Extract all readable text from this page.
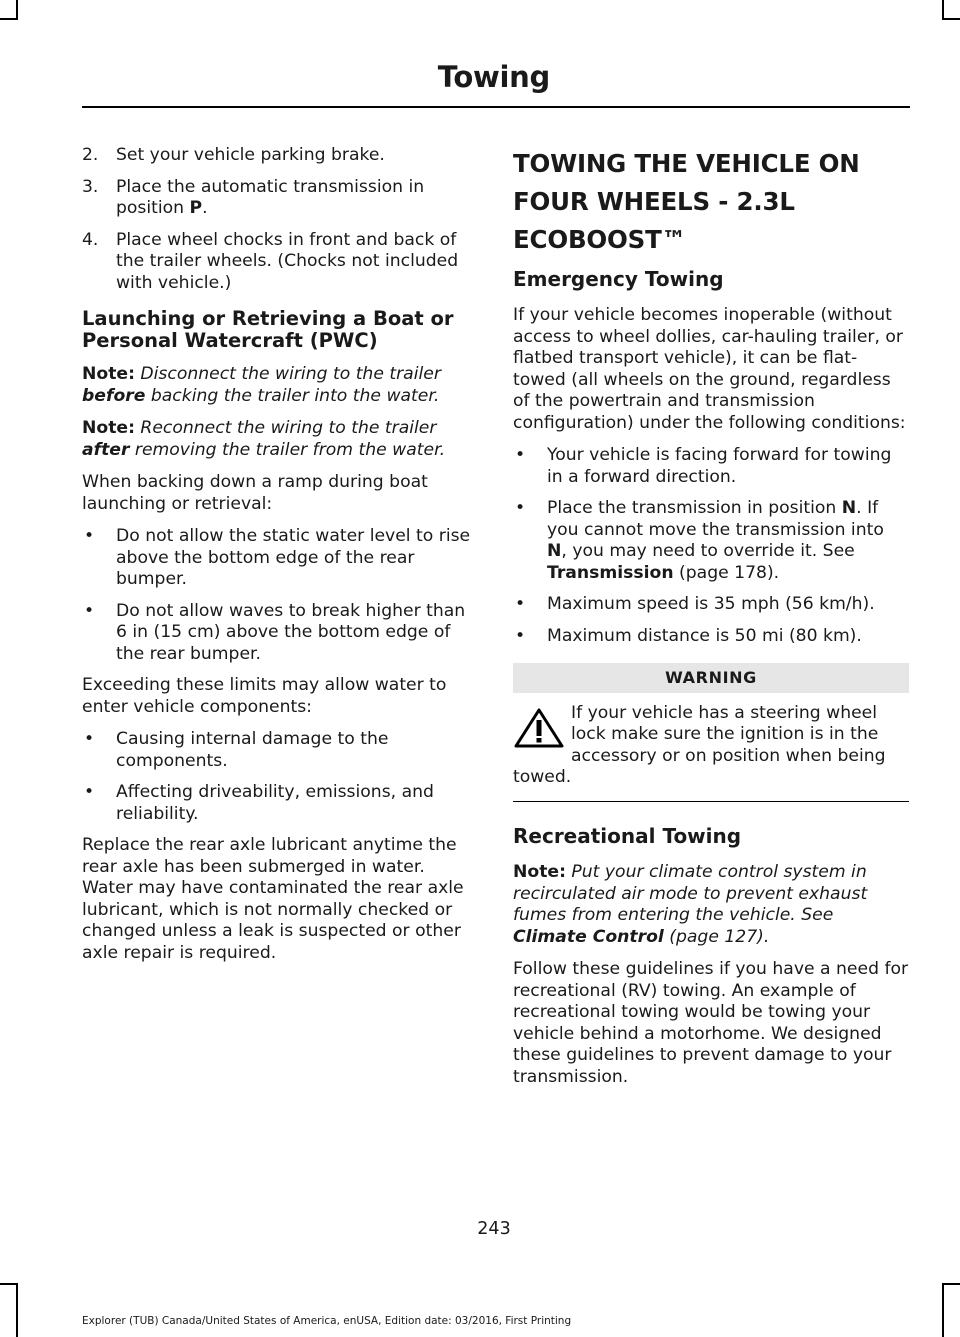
Towing
2. Set your vehicle parking brake.
3. Place the automatic transmission in position P.
4. Place wheel chocks in front and back of the trailer wheels. (Chocks not included with vehicle.)
Launching or Retrieving a Boat or Personal Watercraft (PWC)

Note: Disconnect the wiring to the trailer before backing the trailer into the water.

Note: Reconnect the wiring to the trailer after removing the trailer from the water.

When backing down a ramp during boat launching or retrieval:

• Do not allow the static water level to rise above the bottom edge of the rear bumper.
• Do not allow waves to break higher than 6 in (15 cm) above the bottom edge of the rear bumper.

Exceeding these limits may allow water to enter vehicle components:

• Causing internal damage to the components.
• Affecting driveability, emissions, and reliability.

Replace the rear axle lubricant anytime the rear axle has been submerged in water. Water may have contaminated the rear axle lubricant, which is not normally checked or changed unless a leak is suspected or other axle repair is required.

TOWING THE VEHICLE ON
FOUR WHEELS - 2.3L
ECOBOOST™
Emergency Towing

If your vehicle becomes inoperable (without access to wheel dollies, car-hauling trailer, or flatbed transport vehicle), it can be flat-towed (all wheels on the ground, regardless of the powertrain and transmission configuration) under the following conditions:

• Your vehicle is facing forward for towing in a forward direction.
• Place the transmission in position N. If you cannot move the transmission into N, you may need to override it. See Transmission (page 178).
• Maximum speed is 35 mph (56 km/h).
• Maximum distance is 50 mi (80 km).
WARNING
If your vehicle has a steering wheel lock make sure the ignition is in the accessory or on position when being towed.
Recreational Towing

Note: Put your climate control system in recirculated air mode to prevent exhaust fumes from entering the vehicle. See Climate Control (page 127).

Follow these guidelines if you have a need for recreational (RV) towing. An example of recreational towing would be towing your vehicle behind a motorhome. We designed these guidelines to prevent damage to your transmission.

243
Explorer (TUB) Canada/United States of America, enUSA, Edition date: 03/2016, First Printing
